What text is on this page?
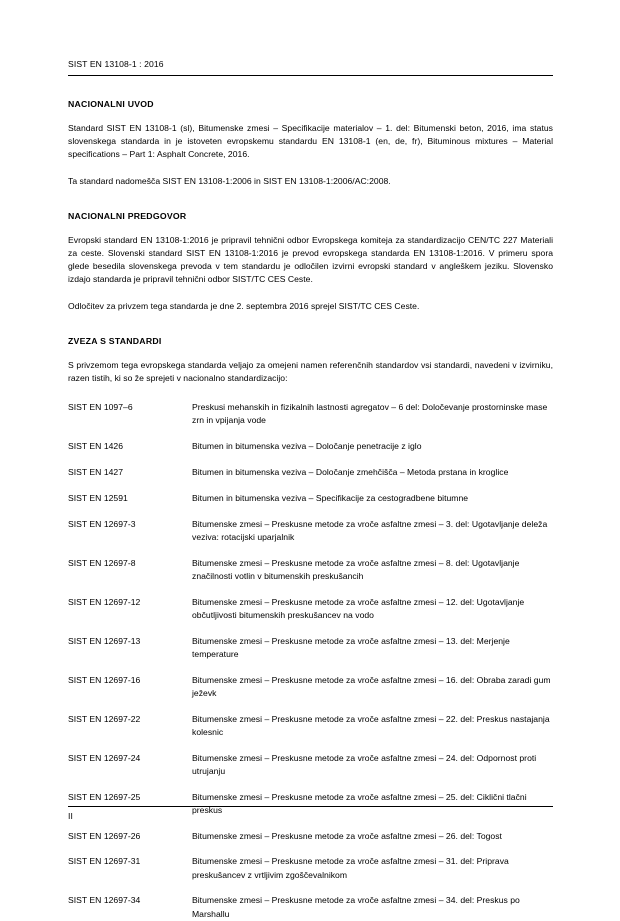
SIST EN 13108-1 : 2016
NACIONALNI UVOD

Standard SIST EN 13108-1 (sl), Bitumenske zmesi – Specifikacije materialov – 1. del: Bitumenski beton, 2016, ima status slovenskega standarda in je istoveten evropskemu standardu EN 13108-1 (en, de, fr), Bituminous mixtures – Material specifications – Part 1: Asphalt Concrete, 2016.

Ta standard nadomešča SIST EN 13108-1:2006 in SIST EN 13108-1:2006/AC:2008.

NACIONALNI PREDGOVOR

Evropski standard EN 13108-1:2016 je pripravil tehnični odbor Evropskega komiteja za standardizacijo CEN/TC 227 Materiali za ceste. Slovenski standard SIST EN 13108-1:2016 je prevod evropskega standarda EN 13108-1:2016. V primeru spora glede besedila slovenskega prevoda v tem standardu je odločilen izvirni evropski standard v angleškem jeziku. Slovensko izdajo standarda je pripravil tehnični odbor SIST/TC CES Ceste.

Odločitev za privzem tega standarda je dne 2. septembra 2016 sprejel SIST/TC CES Ceste.

ZVEZA S STANDARDI

S privzemom tega evropskega standarda veljajo za omejeni namen referenčnih standardov vsi standardi, navedeni v izvirniku, razen tistih, ki so že sprejeti v nacionalno standardizacijo:

SIST EN 1097–6	Preskusi mehanskih in fizikalnih lastnosti agregatov – 6 del: Določevanje prostorninske mase zrn in vpijanja vode
SIST EN 1426	Bitumen in bitumenska veziva – Določanje penetracije z iglo
SIST EN 1427	Bitumen in bitumenska veziva – Določanje zmehčišča – Metoda prstana in kroglice
SIST EN 12591	Bitumen in bitumenska veziva – Specifikacije za cestogradbene bitumne
SIST EN 12697-3	Bitumenske zmesi – Preskusne metode za vroče asfaltne zmesi – 3. del: Ugotavljanje deleža veziva: rotacijski uparjalnik
SIST EN 12697-8	Bitumenske zmesi – Preskusne metode za vroče asfaltne zmesi – 8. del: Ugotavljanje značilnosti votlin v bitumenskih preskušancih
SIST EN 12697-12	Bitumenske zmesi – Preskusne metode za vroče asfaltne zmesi – 12. del: Ugotavljanje občutljivosti bitumenskih preskušancev na vodo
SIST EN 12697-13	Bitumenske zmesi – Preskusne metode za vroče asfaltne zmesi – 13. del: Merjenje temperature
SIST EN 12697-16	Bitumenske zmesi – Preskusne metode za vroče asfaltne zmesi – 16. del: Obraba zaradi gum ježevk
SIST EN 12697-22	Bitumenske zmesi – Preskusne metode za vroče asfaltne zmesi – 22. del: Preskus nastajanja kolesnic
SIST EN 12697-24	Bitumenske zmesi – Preskusne metode za vroče asfaltne zmesi – 24. del: Odpornost proti utrujanju
SIST EN 12697-25	Bitumenske zmesi – Preskusne metode za vroče asfaltne zmesi – 25. del: Ciklični tlačni preskus
SIST EN 12697-26	Bitumenske zmesi – Preskusne metode za vroče asfaltne zmesi – 26. del: Togost
SIST EN 12697-31	Bitumenske zmesi – Preskusne metode za vroče asfaltne zmesi – 31. del: Priprava preskušancev z vrtljivim zgoščevalnikom
SIST EN 12697-34	Bitumenske zmesi – Preskusne metode za vroče asfaltne zmesi – 34. del: Preskus po Marshallu
II
